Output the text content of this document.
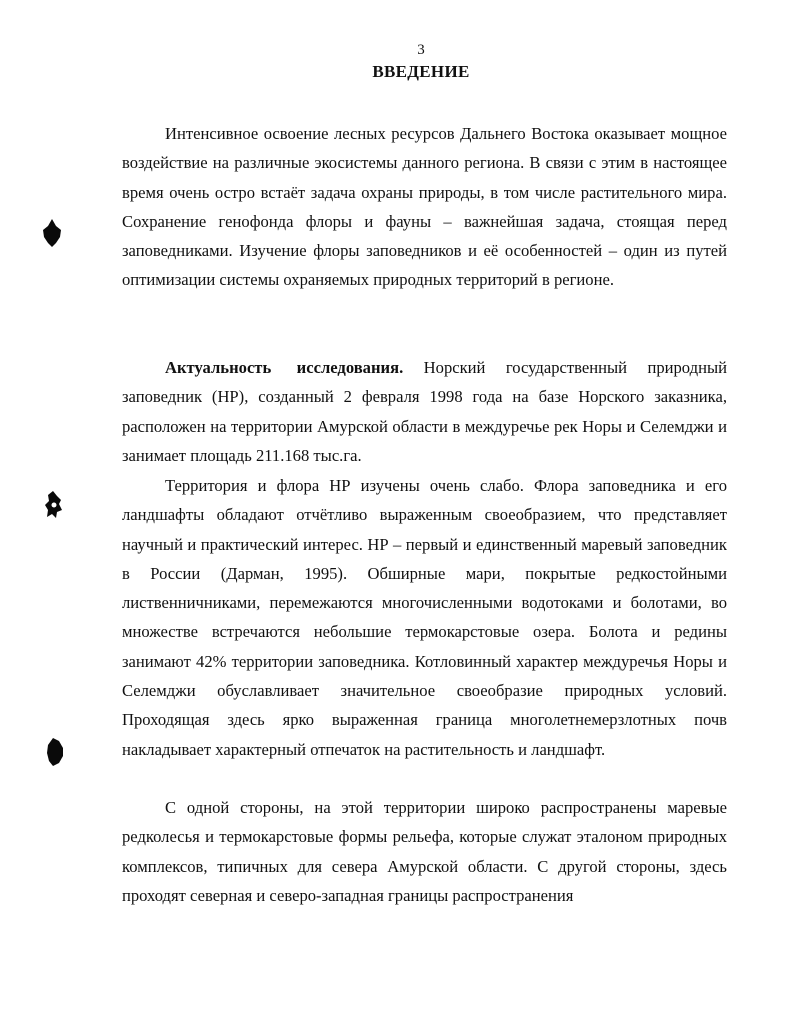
3
ВВЕДЕНИЕ

Интенсивное освоение лесных ресурсов Дальнего Востока оказывает мощное воздействие на различные экосистемы данного региона. В связи с этим в настоящее время очень остро встаёт задача охраны природы, в том числе растительного мира. Сохранение генофонда флоры и фауны – важнейшая задача, стоящая перед заповедниками. Изучение флоры заповедников и её особенностей – один из путей оптимизации системы охраняемых природных территорий в регионе.

Актуальность исследования. Норский государственный природный заповедник (НР), созданный 2 февраля 1998 года на базе Норского заказника, расположен на территории Амурской области в междуречье рек Норы и Селемджи и занимает площадь 211.168 тыс.га.

Территория и флора НР изучены очень слабо. Флора заповедника и его ландшафты обладают отчётливо выраженным своеобразием, что представляет научный и практический интерес. НР – первый и единственный маревый заповедник в России (Дарман, 1995). Обширные мари, покрытые редкостойными лиственничниками, перемежаются многочисленными водотоками и болотами, во множестве встречаются небольшие термокарстовые озера. Болота и редины занимают 42% территории заповедника. Котловинный характер междуречья Норы и Селемджи обуславливает значительное своеобразие природных условий. Проходящая здесь ярко выраженная граница многолетнемерзлотных почв накладывает характерный отпечаток на растительность и ландшафт.

С одной стороны, на этой территории широко распространены маревые редколесья и термокарстовые формы рельефа, которые служат эталоном природных комплексов, типичных для севера Амурской области. С другой стороны, здесь проходят северная и северо-западная границы распространения
